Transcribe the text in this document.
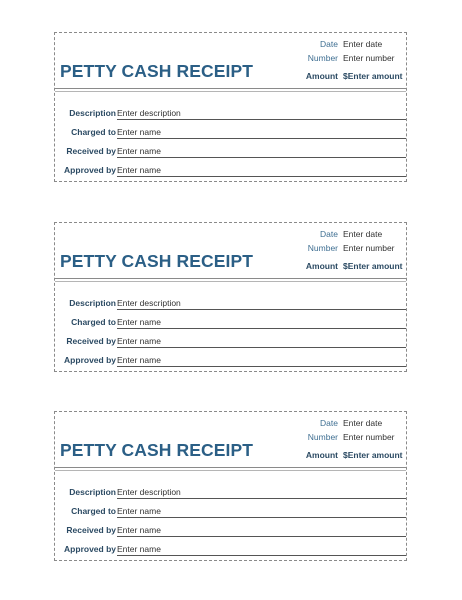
PETTY CASH RECEIPT
Date Enter date
Number Enter number
Amount $Enter amount
Description Enter description
Charged to Enter name
Received by Enter name
Approved by Enter name
PETTY CASH RECEIPT
Date Enter date
Number Enter number
Amount $Enter amount
Description Enter description
Charged to Enter name
Received by Enter name
Approved by Enter name
PETTY CASH RECEIPT
Date Enter date
Number Enter number
Amount $Enter amount
Description Enter description
Charged to Enter name
Received by Enter name
Approved by Enter name
